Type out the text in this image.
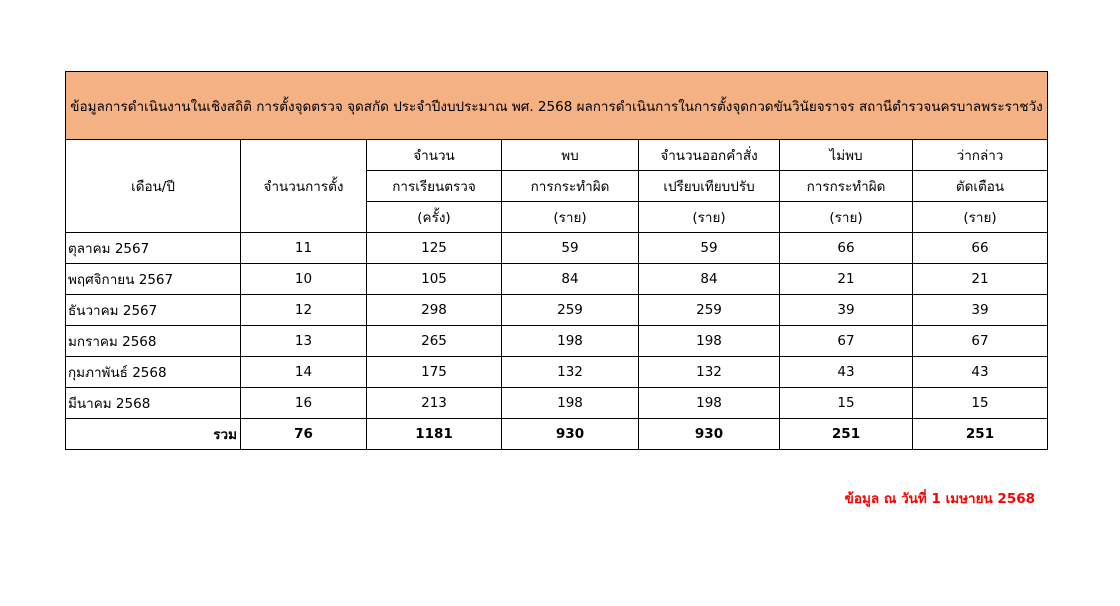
ข้อมูลการดำเนินงานในเชิงสถิติ การตั้งจุดตรวจ จุดสกัด ประจำปีงบประมาณ พศ. 2568 ผลการดำเนินการในการตั้งจุดกวดขันวินัยจราจร สถานีตำรวจนครบาลพระราชวัง						
เดือน/ปี	จำนวนการตั้ง	จำนวน	พบ	จำนวนออกคำสั่ง	ไม่พบ	ว่ากล่าว
		การเรียนตรวจ	การกระทำผิด	เปรียบเทียบปรับ	การกระทำผิด	ตัดเตือน
		(ครั้ง)	(ราย)	(ราย)	(ราย)	(ราย)
ตุลาคม 2567	11	125	59	59	66	66
พฤศจิกายน 2567	10	105	84	84	21	21
ธันวาคม 2567	12	298	259	259	39	39
มกราคม 2568	13	265	198	198	67	67
กุมภาพันธ์ 2568	14	175	132	132	43	43
มีนาคม 2568	16	213	198	198	15	15
รวม	76	1181	930	930	251	251
ข้อมูล ณ วันที่ 1 เมษายน 2568
